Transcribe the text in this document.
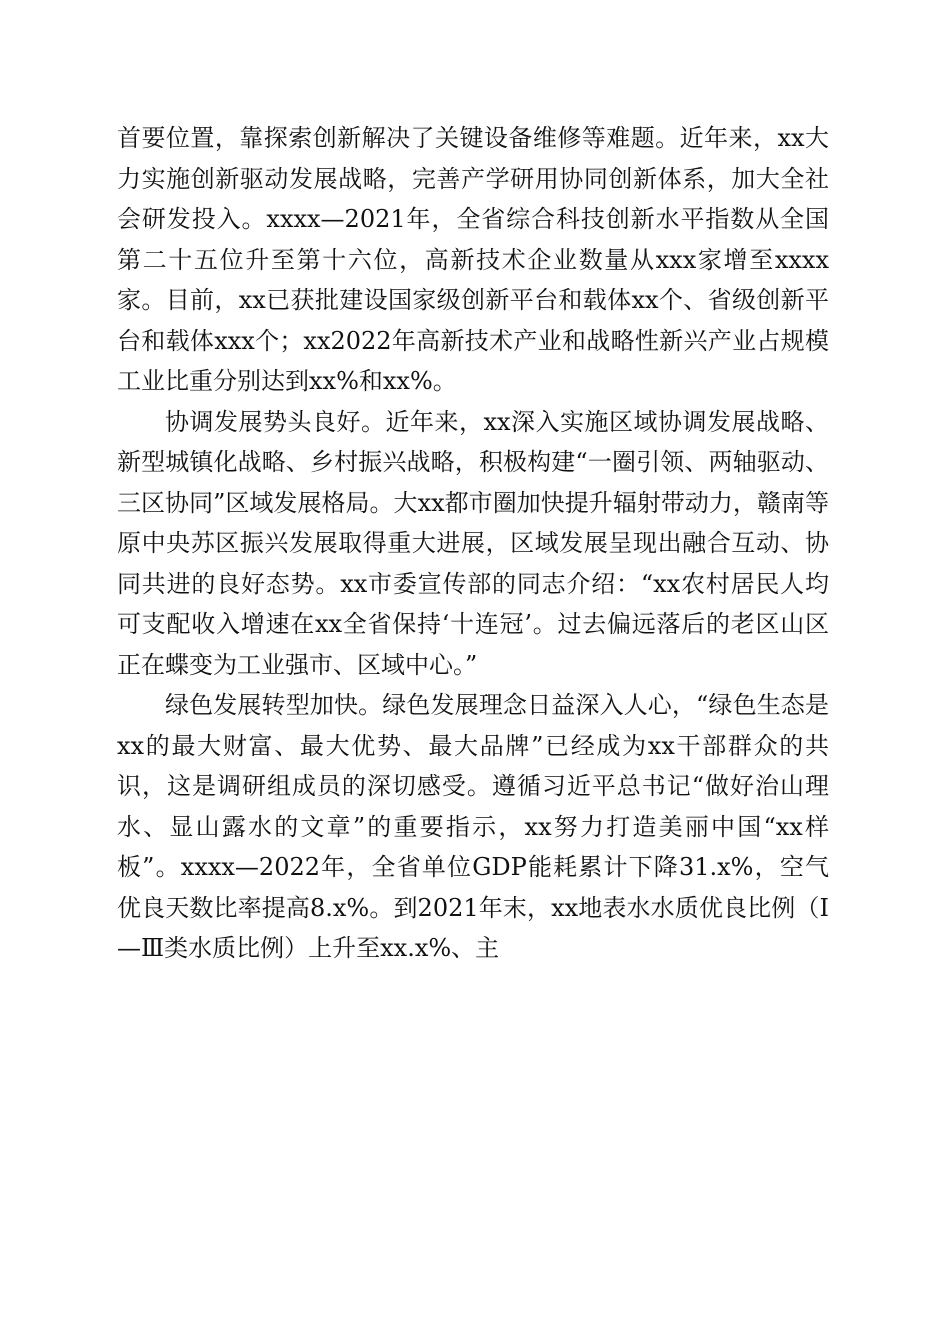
首要位置，靠探索创新解决了关键设备维修等难题。近年来，xx大力实施创新驱动发展战略，完善产学研用协同创新体系，加大全社会研发投入。xxxx—2021年，全省综合科技创新水平指数从全国第二十五位升至第十六位，高新技术企业数量从xxx家增至xxxx家。目前，xx已获批建设国家级创新平台和载体xx个、省级创新平台和载体xxx个；xx2022年高新技术产业和战略性新兴产业占规模工业比重分别达到xx%和xx%。

协调发展势头良好。近年来，xx深入实施区域协调发展战略、新型城镇化战略、乡村振兴战略，积极构建“一圈引领、两轴驱动、三区协同”区域发展格局。大xx都市圈加快提升辐射带动力，赣南等原中央苏区振兴发展取得重大进展，区域发展呈现出融合互动、协同共进的良好态势。xx市委宣传部的同志介绍：“xx农村居民人均可支配收入增速在xx全省保持‘十连冠’。过去偏远落后的老区山区正在蝶变为工业强市、区域中心。”

绿色发展转型加快。绿色发展理念日益深入人心，“绿色生态是xx的最大财富、最大优势、最大品牌”已经成为xx干部群众的共识，这是调研组成员的深切感受。遵循习近平总书记“做好治山理水、显山露水的文章”的重要指示，xx努力打造美丽中国“xx样板”。xxxx—2022年，全省单位GDP能耗累计下降31.x%，空气优良天数比率提高8.x%。到2021年末，xx地表水水质优良比例（Ⅰ—Ⅲ类水质比例）上升至xx.x%、主
